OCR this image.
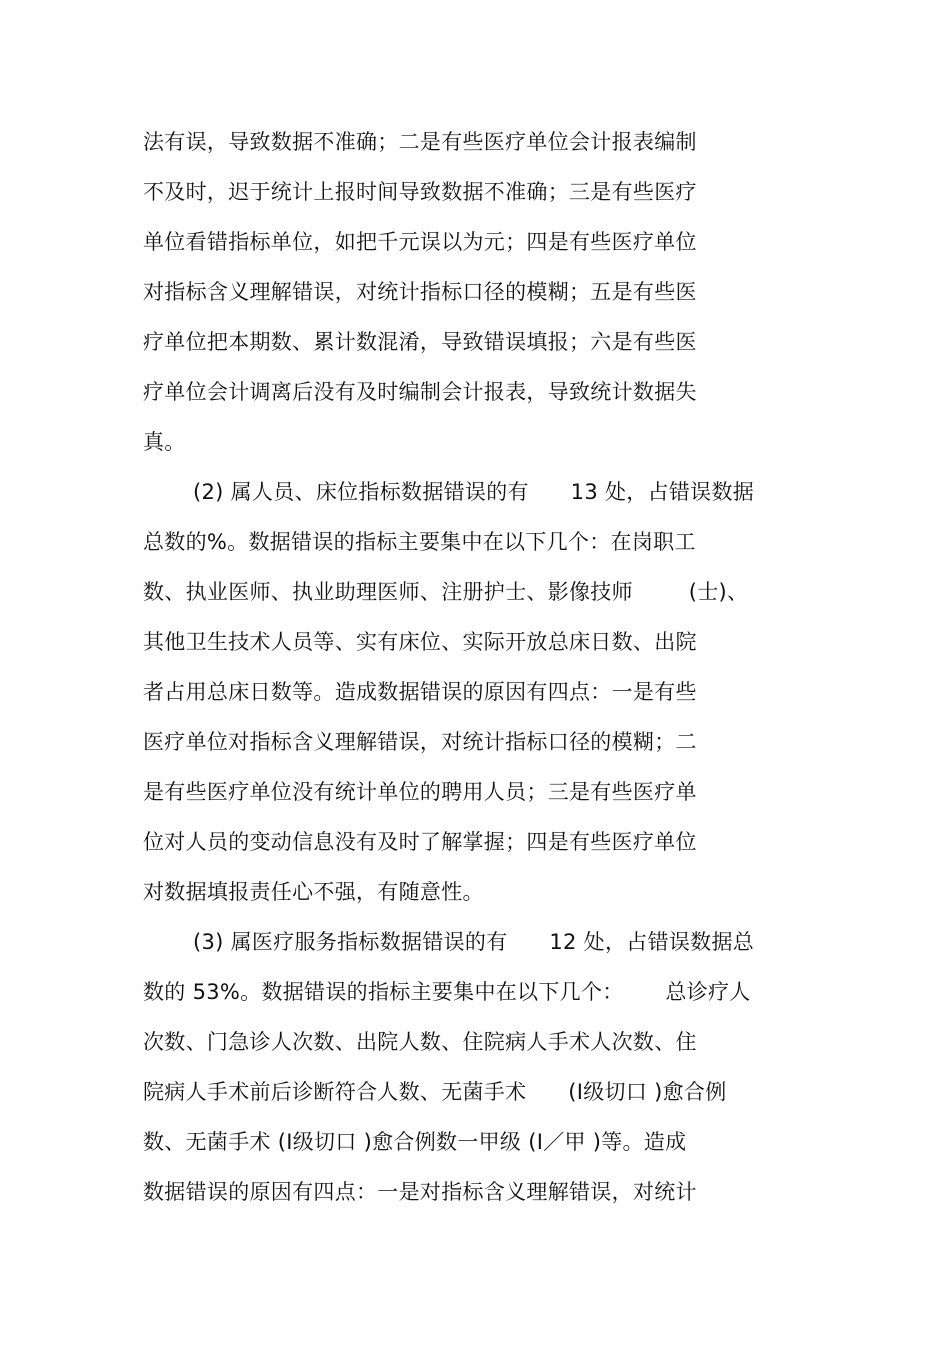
法有误，导致数据不准确；二是有些医疗单位会计报表编制

不及时，迟于统计上报时间导致数据不准确；三是有些医疗

单位看错指标单位，如把千元误以为元；四是有些医疗单位

对指标含义理解错误，对统计指标口径的模糊；五是有些医

疗单位把本期数、累计数混淆，导致错误填报；六是有些医

疗单位会计调离后没有及时编制会计报表，导致统计数据失

真。

(2) 属人员、床位指标数据错误的有      13 处，占错误数据

总数的%。数据错误的指标主要集中在以下几个：在岗职工

数、执业医师、执业助理医师、注册护士、影像技师        (士)、

其他卫生技术人员等、实有床位、实际开放总床日数、出院

者占用总床日数等。造成数据错误的原因有四点：一是有些

医疗单位对指标含义理解错误，对统计指标口径的模糊；二

是有些医疗单位没有统计单位的聘用人员；三是有些医疗单

位对人员的变动信息没有及时了解掌握；四是有些医疗单位

对数据填报责任心不强，有随意性。

(3) 属医疗服务指标数据错误的有      12 处，占错误数据总

数的 53%。数据错误的指标主要集中在以下几个：      总诊疗人

次数、门急诊人次数、出院人数、住院病人手术人次数、住

院病人手术前后诊断符合人数、无菌手术      (Ⅰ级切口 )愈合例

数、无菌手术 (Ⅰ级切口 )愈合例数一甲级 (Ⅰ／甲 )等。造成

数据错误的原因有四点：一是对指标含义理解错误，对统计
